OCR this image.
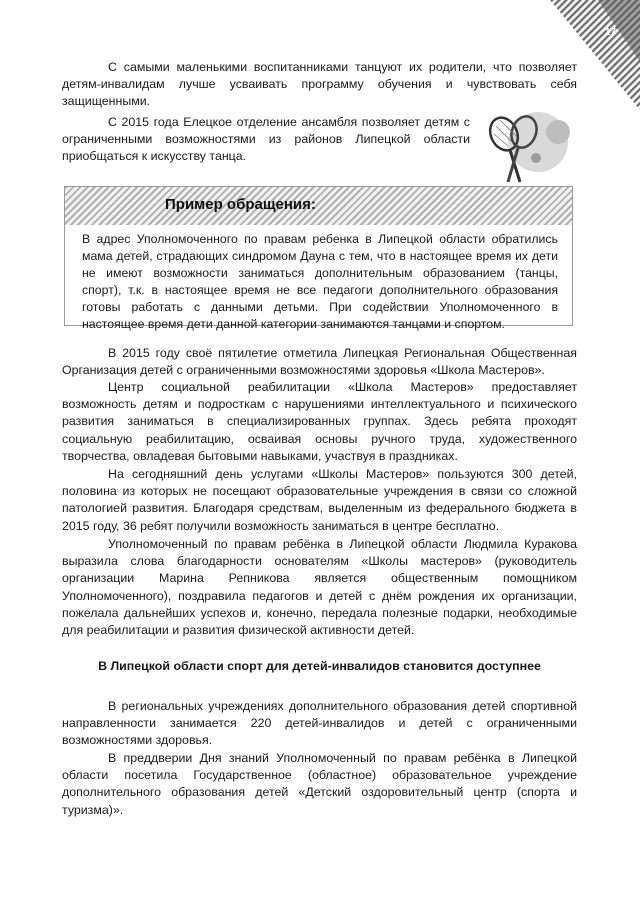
17

С самыми маленькими воспитанниками танцуют их родители, что позволяет детям-инвалидам лучше усваивать программу обучения и чувствовать себя защищенными.

С 2015 года Елецкое отделение ансамбля позволяет детям с ограниченными возможностями из районов Липецкой области приобщаться к искусству танца.

Пример обращения:

В адрес Уполномоченного по правам ребенка в Липецкой области обратились мама детей, страдающих синдромом Дауна с тем, что в настоящее время их дети не имеют возможности заниматься дополнительным образованием (танцы, спорт), т.к. в настоящее время не все педагоги дополнительного образования готовы работать с данными детьми. При содействии Уполномоченного в настоящее время дети данной категории занимаются танцами и спортом.

В 2015 году своё пятилетие отметила Липецкая Региональная Общественная Организация детей с ограниченными возможностями здоровья «Школа Мастеров».

Центр социальной реабилитации «Школа Мастеров» предоставляет возможность детям и подросткам с нарушениями интеллектуального и психического развития заниматься в специализированных группах. Здесь ребята проходят социальную реабилитацию, осваивая основы ручного труда, художественного творчества, овладевая бытовыми навыками, участвуя в праздниках.

На сегодняшний день услугами «Школы Мастеров» пользуются 300 детей, половина из которых не посещают образовательные учреждения в связи со сложной патологией развития. Благодаря средствам, выделенным из федерального бюджета в 2015 году, 36 ребят получили возможность заниматься в центре бесплатно.

Уполномоченный по правам ребёнка в Липецкой области Людмила Куракова выразила слова благодарности основателям «Школы мастеров» (руководитель организации Марина Репникова является общественным помощником Уполномоченного), поздравила педагогов и детей с днём рождения их организации, пожелала дальнейших успехов и, конечно, передала полезные подарки, необходимые для реабилитации и развития физической активности детей.

В Липецкой области спорт для детей-инвалидов становится доступнее

В региональных учреждениях дополнительного образования детей спортивной направленности занимается 220 детей-инвалидов и детей с ограниченными возможностями здоровья.

В преддверии Дня знаний Уполномоченный по правам ребёнка в Липецкой области посетила Государственное (областное) образовательное учреждение дополнительного образования детей «Детский оздоровительный центр (спорта и туризма)».
